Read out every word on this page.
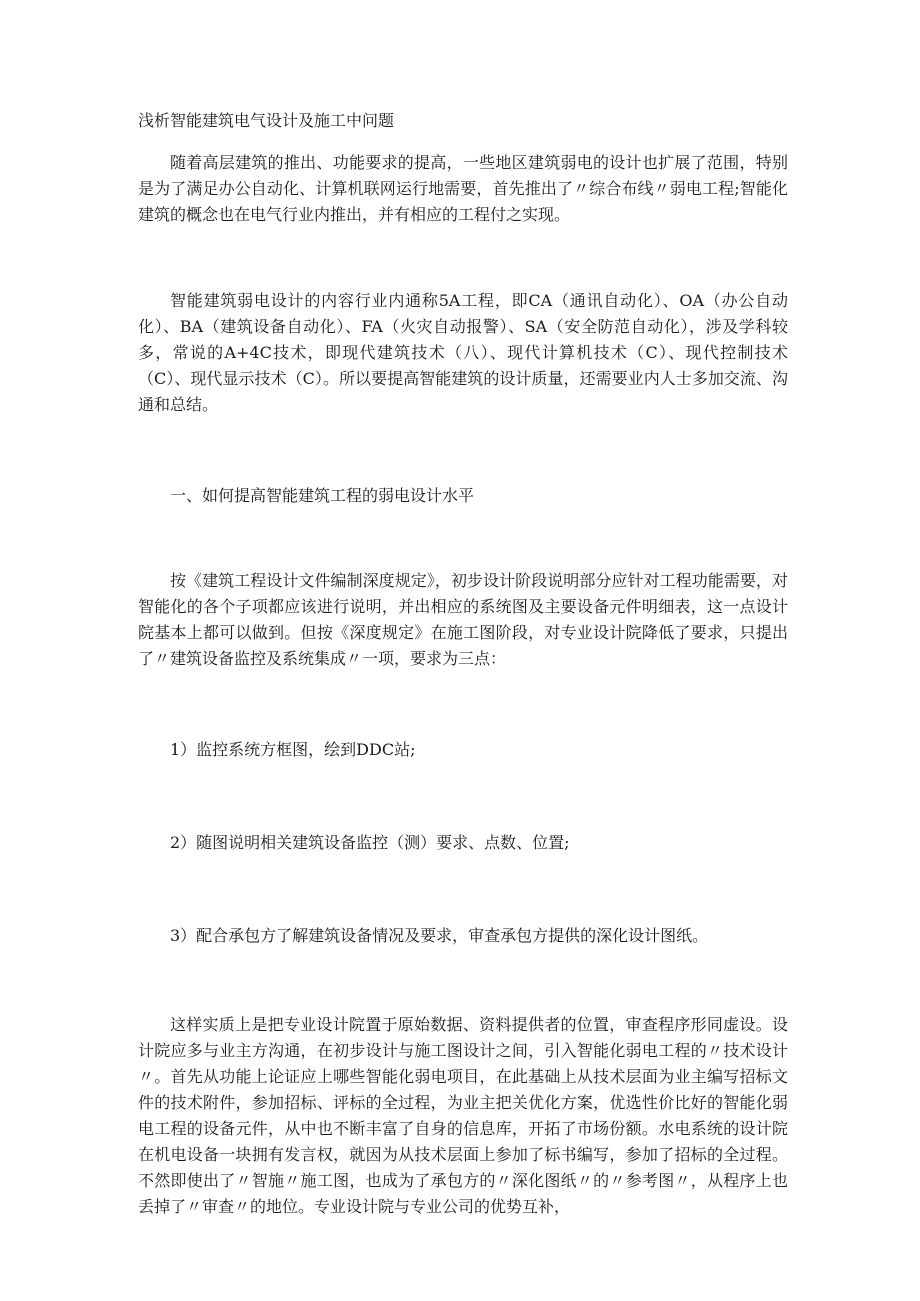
浅析智能建筑电气设计及施工中问题

随着高层建筑的推出、功能要求的提高，一些地区建筑弱电的设计也扩展了范围，特别是为了满足办公自动化、计算机联网运行地需要，首先推出了〃综合布线〃弱电工程;智能化建筑的概念也在电气行业内推出，并有相应的工程付之实现。

智能建筑弱电设计的内容行业内通称5A工程，即CA（通讯自动化）、OA（办公自动化）、BA（建筑设备自动化）、FA（火灾自动报警）、SA（安全防范自动化），涉及学科较多，常说的A+4C技术，即现代建筑技术（八）、现代计算机技术（C）、现代控制技术（C）、现代显示技术（C）。所以要提高智能建筑的设计质量，还需要业内人士多加交流、沟通和总结。

一、如何提高智能建筑工程的弱电设计水平

按《建筑工程设计文件编制深度规定》，初步设计阶段说明部分应针对工程功能需要，对智能化的各个子项都应该进行说明，并出相应的系统图及主要设备元件明细表，这一点设计院基本上都可以做到。但按《深度规定》在施工图阶段，对专业设计院降低了要求，只提出了〃建筑设备监控及系统集成〃一项，要求为三点：

1）监控系统方框图，绘到DDC站;
2）随图说明相关建筑设备监控（测）要求、点数、位置;
3）配合承包方了解建筑设备情况及要求，审查承包方提供的深化设计图纸。

这样实质上是把专业设计院置于原始数据、资料提供者的位置，审查程序形同虚设。设计院应多与业主方沟通，在初步设计与施工图设计之间，引入智能化弱电工程的〃技术设计〃。首先从功能上论证应上哪些智能化弱电项目，在此基础上从技术层面为业主编写招标文件的技术附件，参加招标、评标的全过程，为业主把关优化方案，优选性价比好的智能化弱电工程的设备元件，从中也不断丰富了自身的信息库，开拓了市场份额。水电系统的设计院在机电设备一块拥有发言权，就因为从技术层面上参加了标书编写，参加了招标的全过程。不然即使出了〃智施〃施工图，也成为了承包方的〃深化图纸〃的〃参考图〃，从程序上也丢掉了〃审查〃的地位。专业设计院与专业公司的优势互补，
